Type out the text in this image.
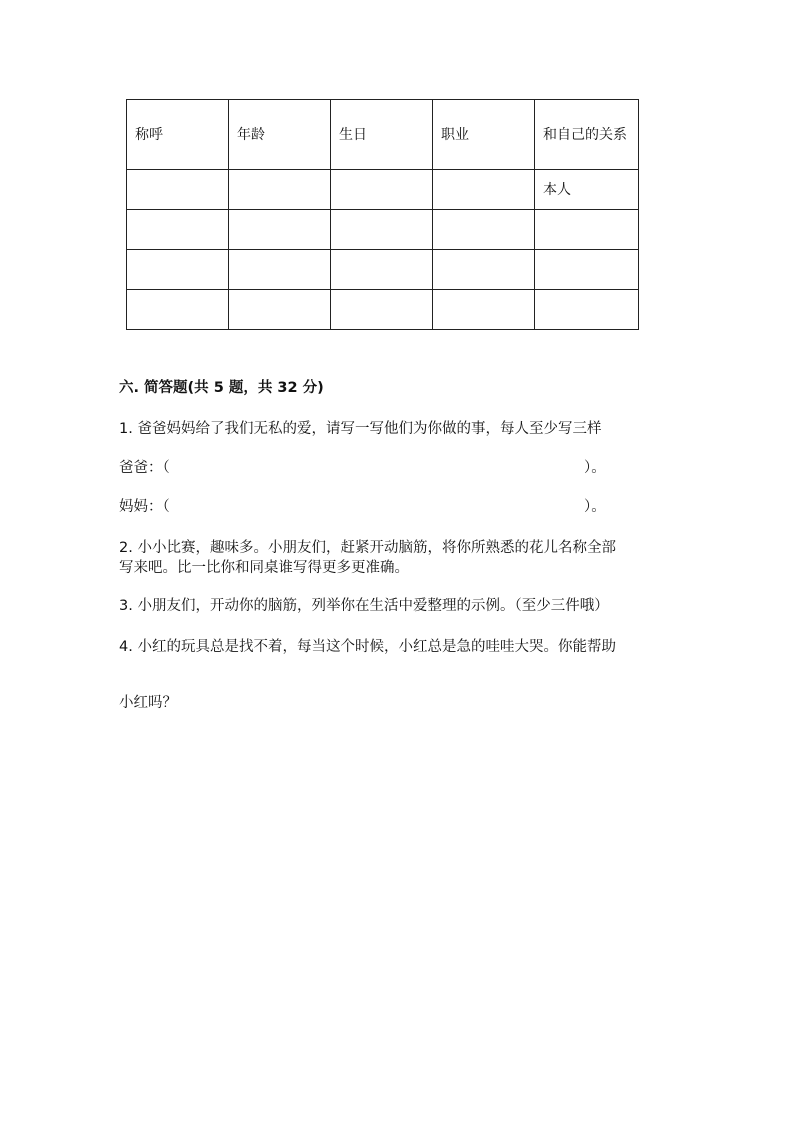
称呼	年龄	生日	职业	和自己的关系
				本人

六. 简答题(共 5 题，共 32 分)
1. 爸爸妈妈给了我们无私的爱，请写一写他们为你做的事，每人至少写三样
爸爸：（	）。
妈妈：（	）。
2. 小小比赛，趣味多。小朋友们，赶紧开动脑筋，将你所熟悉的花儿名称全部
写来吧。比一比你和同桌谁写得更多更准确。
3. 小朋友们，开动你的脑筋，列举你在生活中爱整理的示例。（至少三件哦）
4. 小红的玩具总是找不着，每当这个时候，小红总是急的哇哇大哭。你能帮助
小红吗？
